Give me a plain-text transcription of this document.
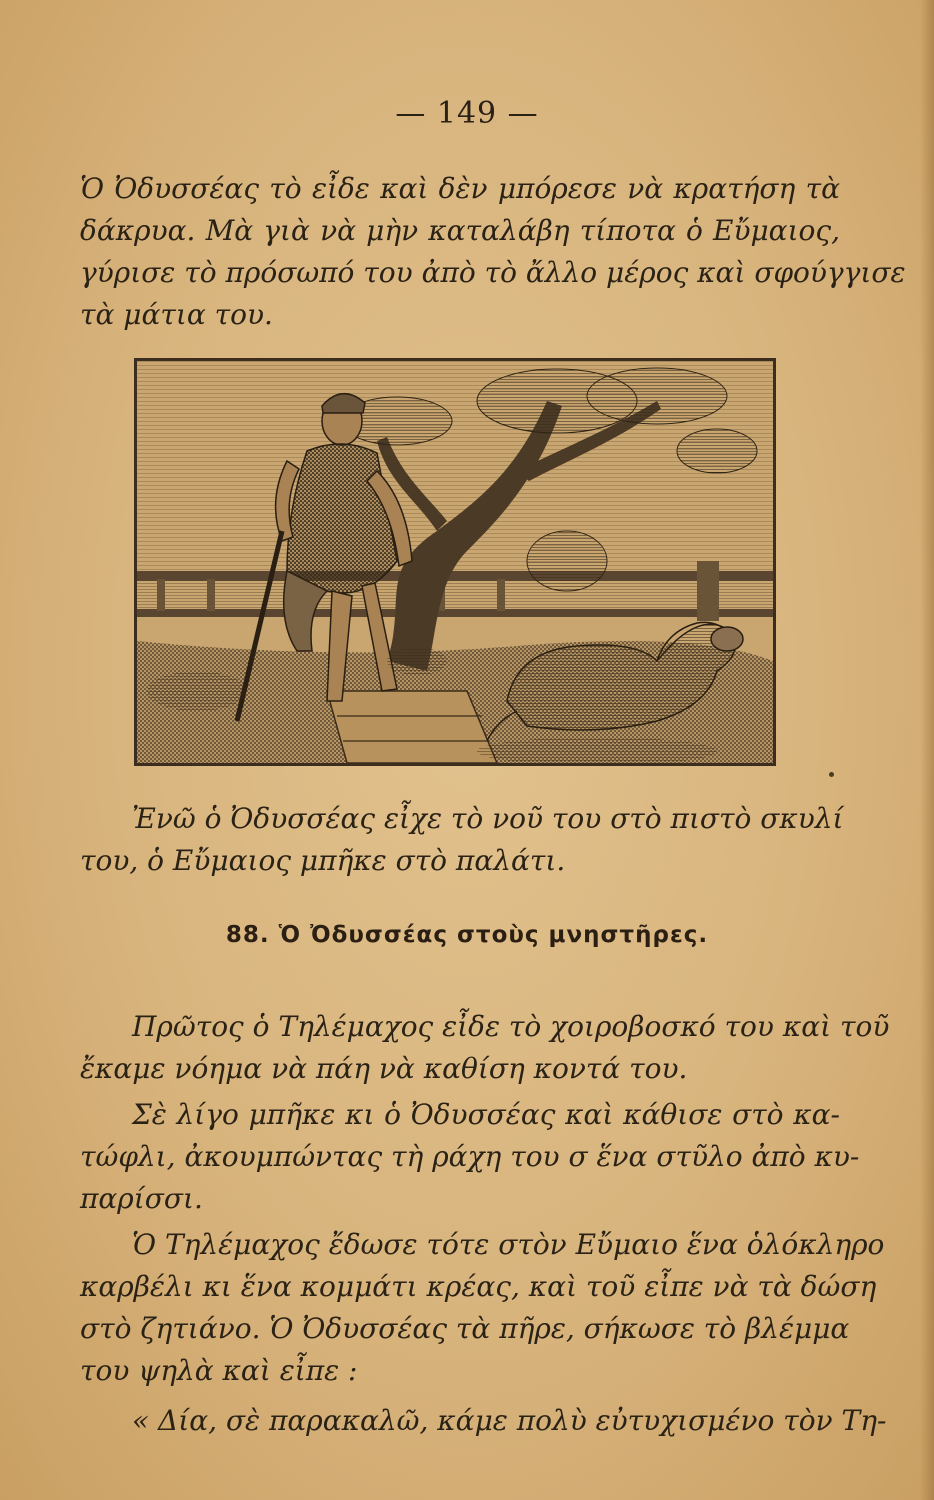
— 149 —
Ὁ Ὀδυσσέας τὸ εἶδε καὶ δὲν μπόρεσε νὰ κρατήση τὰ
δάκρυα. Μὰ γιὰ νὰ μὴν καταλάβη τίποτα ὁ Εὔμαιος,
γύρισε τὸ πρόσωπό του ἀπὸ τὸ ἄλλο μέρος καὶ σφούγγισε
τὰ μάτια του.
Ἐνῶ ὁ Ὀδυσσέας εἶχε τὸ νοῦ του στὸ πιστὸ σκυλί
του, ὁ Εὔμαιος μπῆκε στὸ παλάτι.
88. Ὁ Ὀδυσσέας στοὺς μνηστῆρες.
Πρῶτος ὁ Τηλέμαχος εἶδε τὸ χοιροβοσκό του καὶ τοῦ
ἔκαμε νόημα νὰ πάη νὰ καθίση κοντά του.
Σὲ λίγο μπῆκε κι ὁ Ὀδυσσέας καὶ κάθισε στὸ κα-
τώφλι, ἀκουμπώντας τὴ ράχη του σ ἕνα στῦλο ἀπὸ κυ-
παρίσσι.
Ὁ Τηλέμαχος ἔδωσε τότε στὸν Εὔμαιο ἕνα ὁλόκληρο
καρβέλι κι ἕνα κομμάτι κρέας, καὶ τοῦ εἶπε νὰ τὰ δώση
στὸ ζητιάνο. Ὁ Ὀδυσσέας τὰ πῆρε, σήκωσε τὸ βλέμμα
του ψηλὰ καὶ εἶπε :
« Δία, σὲ παρακαλῶ, κάμε πολὺ εὐτυχισμένο τὸν Τη-
